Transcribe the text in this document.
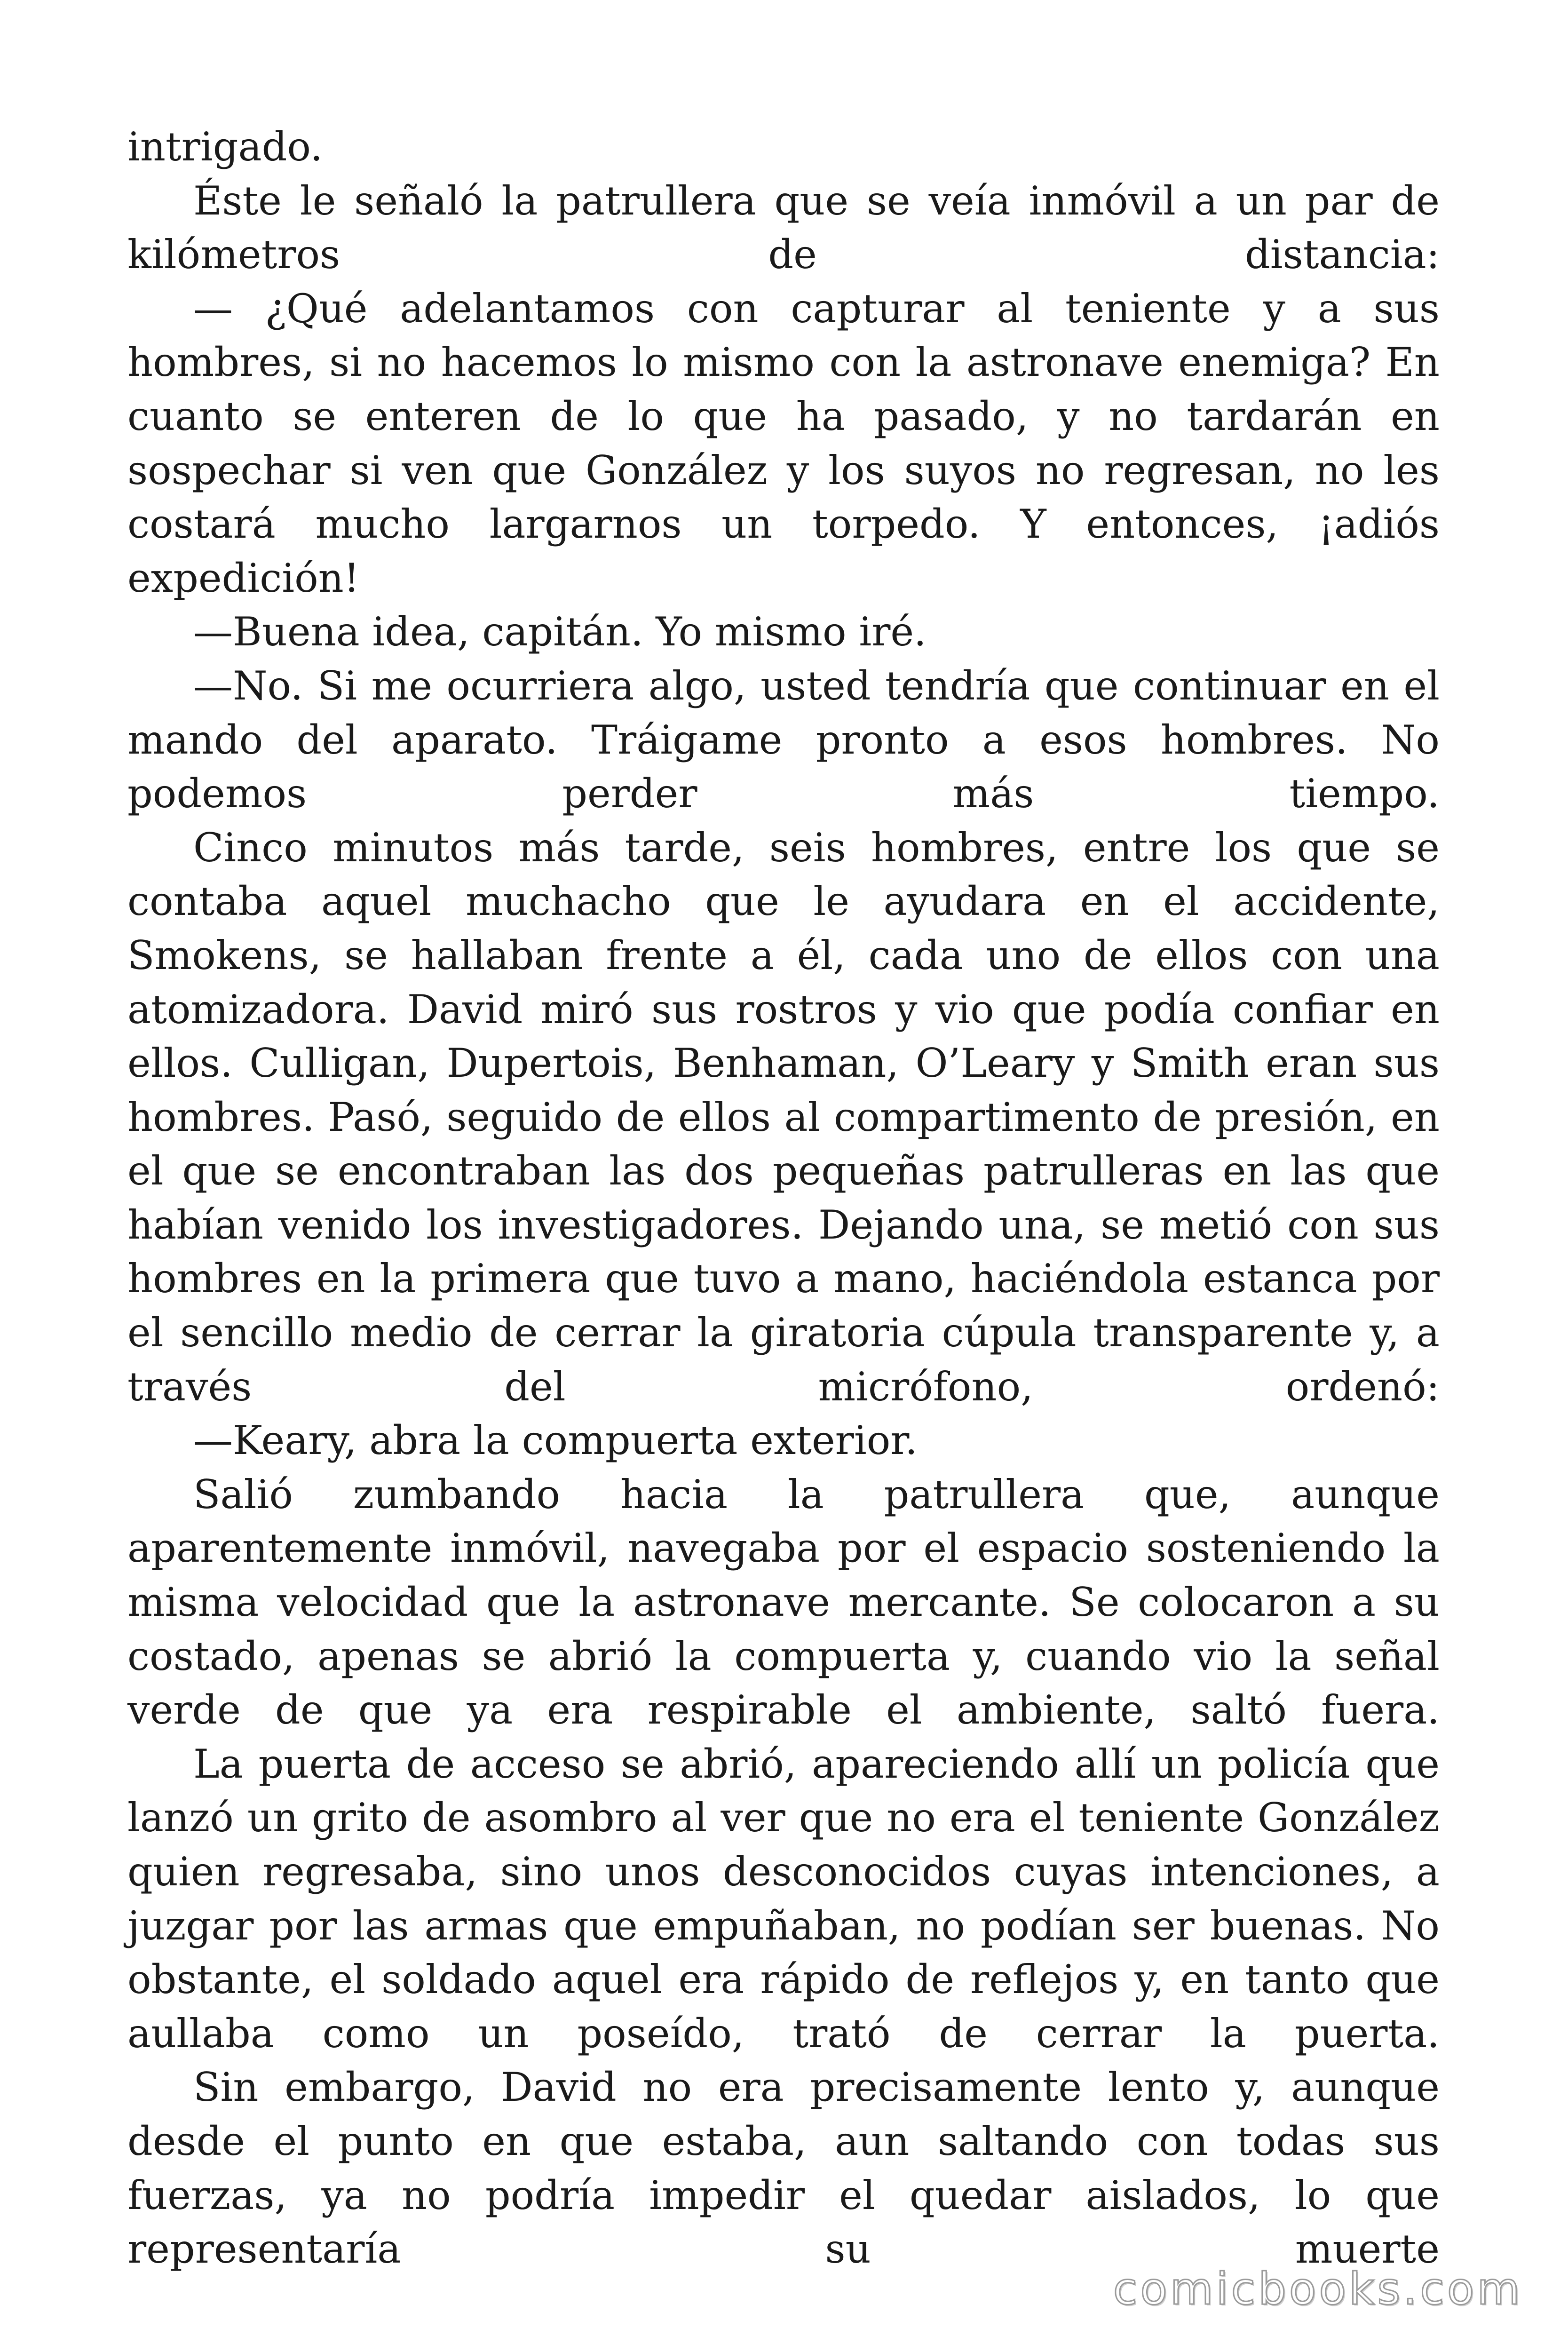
intrigado.

Éste le señaló la patrullera que se veía inmóvil a un par de kilómetros de distancia:

— ¿Qué adelantamos con capturar al teniente y a sus hombres, si no hacemos lo mismo con la astronave enemiga? En cuanto se enteren de lo que ha pasado, y no tardarán en sospechar si ven que González y los suyos no regresan, no les costará mucho largarnos un torpedo. Y entonces, ¡adiós expedición!

—Buena idea, capitán. Yo mismo iré.

—No. Si me ocurriera algo, usted tendría que continuar en el mando del aparato. Tráigame pronto a esos hombres. No podemos perder más tiempo.

Cinco minutos más tarde, seis hombres, entre los que se contaba aquel muchacho que le ayudara en el accidente, Smokens, se hallaban frente a él, cada uno de ellos con una atomizadora. David miró sus rostros y vio que podía confiar en ellos. Culligan, Dupertois, Benhaman, O’Leary y Smith eran sus hombres. Pasó, seguido de ellos al compartimento de presión, en el que se encontraban las dos pequeñas patrulleras en las que habían venido los investigadores. Dejando una, se metió con sus hombres en la primera que tuvo a mano, haciéndola estanca por el sencillo medio de cerrar la giratoria cúpula transparente y, a través del micrófono, ordenó:

—Keary, abra la compuerta exterior.

Salió zumbando hacia la patrullera que, aunque aparentemente inmóvil, navegaba por el espacio sosteniendo la misma velocidad que la astronave mercante. Se colocaron a su costado, apenas se abrió la compuerta y, cuando vio la señal verde de que ya era respirable el ambiente, saltó fuera.

La puerta de acceso se abrió, apareciendo allí un policía que lanzó un grito de asombro al ver que no era el teniente González quien regresaba, sino unos desconocidos cuyas intenciones, a juzgar por las armas que empuñaban, no podían ser buenas. No obstante, el soldado aquel era rápido de reflejos y, en tanto que aullaba como un poseído, trató de cerrar la puerta.

Sin embargo, David no era precisamente lento y, aunque desde el punto en que estaba, aun saltando con todas sus fuerzas, ya no podría impedir el quedar aislados, lo que representaría su muerte

comicbooks.com
